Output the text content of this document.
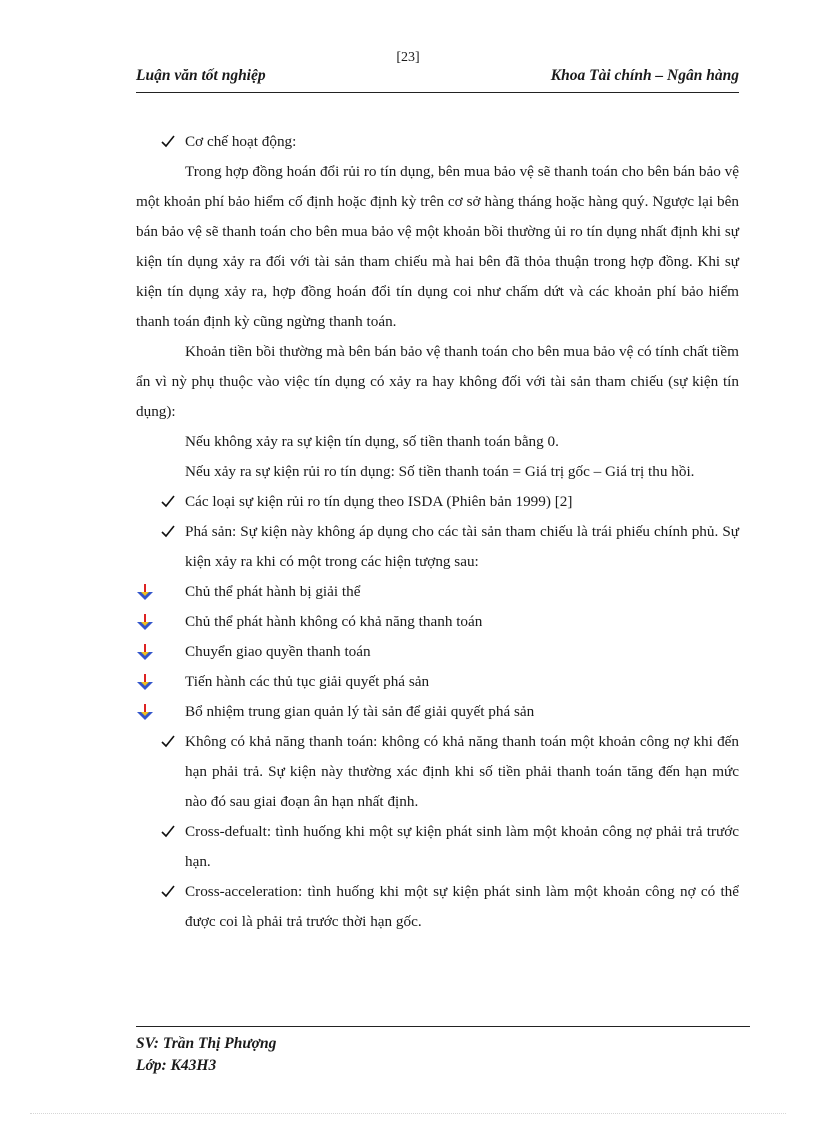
[23]
Luận văn tốt nghiệp	Khoa Tài chính – Ngân hàng

Cơ chế hoạt động:

Trong hợp đồng hoán đổi rủi ro tín dụng, bên mua bảo vệ sẽ thanh toán cho bên bán bảo vệ một khoản phí bảo hiểm cố định hoặc định kỳ trên cơ sở hàng tháng hoặc hàng quý. Ngược lại bên bán bảo vệ sẽ thanh toán cho bên mua bảo vệ một khoản bồi thường ủi ro tín dụng nhất định khi sự kiện tín dụng xảy ra đối với tài sản tham chiếu mà hai bên đã thỏa thuận trong hợp đồng. Khi sự kiện tín dụng xảy ra, hợp đồng hoán đổi tín dụng coi như chấm dứt và các khoản phí bảo hiểm thanh toán định kỳ cũng ngừng thanh toán.

Khoản tiền bồi thường mà bên bán bảo vệ thanh toán cho bên mua bảo vệ có tính chất tiềm ẩn vì nỳ phụ thuộc vào việc tín dụng có xảy ra hay không đối với tài sản tham chiếu (sự kiện tín dụng):

Nếu không xảy ra sự kiện tín dụng, số tiền thanh toán bằng 0.

Nếu xảy ra sự kiện rủi ro tín dụng: Số tiền thanh toán = Giá trị gốc – Giá trị thu hồi.

Các loại sự kiện rủi ro tín dụng theo ISDA (Phiên bản 1999) [2]

Phá sản: Sự kiện này không áp dụng cho các tài sản tham chiếu là trái phiếu chính phủ. Sự kiện xảy ra khi có một trong các hiện tượng sau:

Chủ thể phát hành bị giải thể

Chủ thể phát hành không có khả năng thanh toán

Chuyển giao quyền thanh toán

Tiến hành các thủ tục giải quyết phá sản

Bổ nhiệm trung gian quản lý tài sản để giải quyết phá sản

Không có khả năng thanh toán: không có khả năng thanh toán một khoản công nợ khi đến hạn phải trả. Sự kiện này thường xác định khi số tiền phải thanh toán tăng đến hạn mức nào đó sau giai đoạn ân hạn nhất định.

Cross-defualt: tình huống khi một sự kiện phát sinh làm một khoản công nợ phải trả trước hạn.

Cross-acceleration: tình huống khi một sự kiện phát sinh làm một khoản công nợ có thể được coi là phải trả trước thời hạn gốc.

SV: Trần Thị Phượng
Lớp: K43H3
